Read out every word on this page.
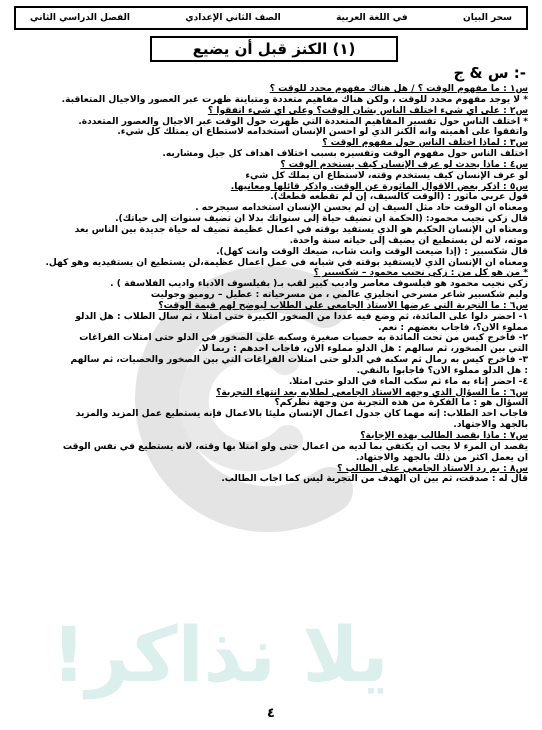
سحر البيان
في اللغة العربية
الصف الثاني الإعدادي
الفصل الدراسي الثاني
(١) الكنز قبل أن يضيع
س & ج :-
س١ : ما مفهوم الوقت ؟ / هل هناك مفهوم محدد للوقت ؟
* لا يوجد مفهوم محدد للوقت ، ولكن هناك مفاهيم متعددة ومتباينة ظهرت عبر العصور والأجيال المتعاقبة.
س٢ : على أي شيء اختلف الناس بشأن الوقت؟ وعلى أي شيء اتفقوا ؟
* اختلف الناس حول تفسير المفاهيم المتعددة التي ظهرت حول الوقت عبر الأجيال والعصور المتعددة.
واتفقوا على أهميته وأنه الكنز الذي لو أحسن الإنسان استخدامه لاستطاع أن يمتلك كل شيء.
س٣ : لماذا اختلف الناس حول مفهوم الوقت ؟
اختلف الناس حول مفهوم الوقت وتفسيره بسبب اختلاف أهداف كل جيل ومشاربه.
س٤ : ماذا يحدث لو عرف الإنسان كيف يستخدم الوقت ؟
لو عرف الإنسان كيف يستخدم وقته، لاستطاع أن يملك كل شيء
س٥ : اذكر بعض الأقوال المأثورة عن الوقت. واذكر قائلها ومعانيها.
قول عربي مأثور : (الوقت كالسيف، إن لم تقطعه قطعك).
ومعناه أن الوقت حاد مثل السيف إن لم يحسن الإنسان استخدامه سيجرحه .
قال زكي نجيب محمود: (الحكمة أن تضيف حياة إلى سنواتك بدلا أن تضيف سنوات إلى حياتك).
ومعناه أن الإنسان الحكيم هو الذي يستفيد بوقته في أعمال عظيمة تضيف له حياة جديدة بين الناس بعد
موته، لأنه لن يستطيع أن يضيف إلى حياته سنة واحدة.
قال شكسبير : (إذا ضيعت الوقت وأنت شاب، ضيعك الوقت وأنت كهل).
ومعناه أن الإنسان الذي لايستفيد بوقته في شبابه في عمل أعمال عظيمة،لن يستطيع أن يستفيديه وهو كهل.
* من هو كل من : زكي نجيب محمود – شكسبير ؟
زكي نجيب محمود هو فيلسوف معاصر وأديب كبير لقب بـ( بفيلسوف الأدباء وأديب الفلاسفة ) .
وليم شكسبير شاعر مسرحي انجليزي عالمي ، من مسرحياته : عطيل – روميو وجوليت
س٦ : ما التجربة التي عرضها الأستاذ الجامعي على الطلاب ليوضح لهم قيمة الوقت؟
١- أحضر دلوا على المائدة، ثم وضع فيه عددا من الصخور الكبيرة حتى امتلأ ، ثم سأل الطلاب : هل الدلو
مملوء الآن؟، فأجاب بعضهم : نعم.
٢- فأخرج كيس من تحت المائدة به حصيات صغيرة وسكبه على الصخور في الدلو حتى امتلأت الفراغات
التي بين الصخور، ثم سألهم : هل الدلو مملوء الآن، فأجاب أحدهم : ربما لا.
٣- فأخرج كيس به رمال ثم سكبه في الدلو حتى امتلأت الفراغات التي بين الصخور والحصيات، ثم سألهم
: هل الدلو مملوء الآن؟ فأجابوا بالنفي.
٤- أحضر إناء به ماء ثم سكب الماء في الدلو حتى امتلأ.
س٦ : ما السؤال الذي وجهه الأستاذ الجامعي لطلابه بعد انتهاء التجربة؟
السؤال هو : ما الفكرة من هذه التجربة من وجهة نظركم؟
فأجاب أحد الطلاب: إنه مهما كان جدول أعمال الإنسان مليئا بالأعمال فإنه يستطيع عمل المزيد والمزيد
بالجهد والاجتهاد.
س٧ : ماذا يقصد الطالب بهذه الإجابة؟
يقصد أن المرء لا يجب أن يكتفي بما لديه من أعمال حتى ولو امتلأ بها وقته، لأنه يستطيع في نفس الوقت
أن يعمل أكثر من ذلك بالجهد والاجتهاد.
س٨ : بم رد الأستاذ الجامعي على الطالب ؟
قال له : صدقت، ثم بين أن الهدف من التجربة ليس كما أجاب الطالب.
يلا نذاكر!
٤
